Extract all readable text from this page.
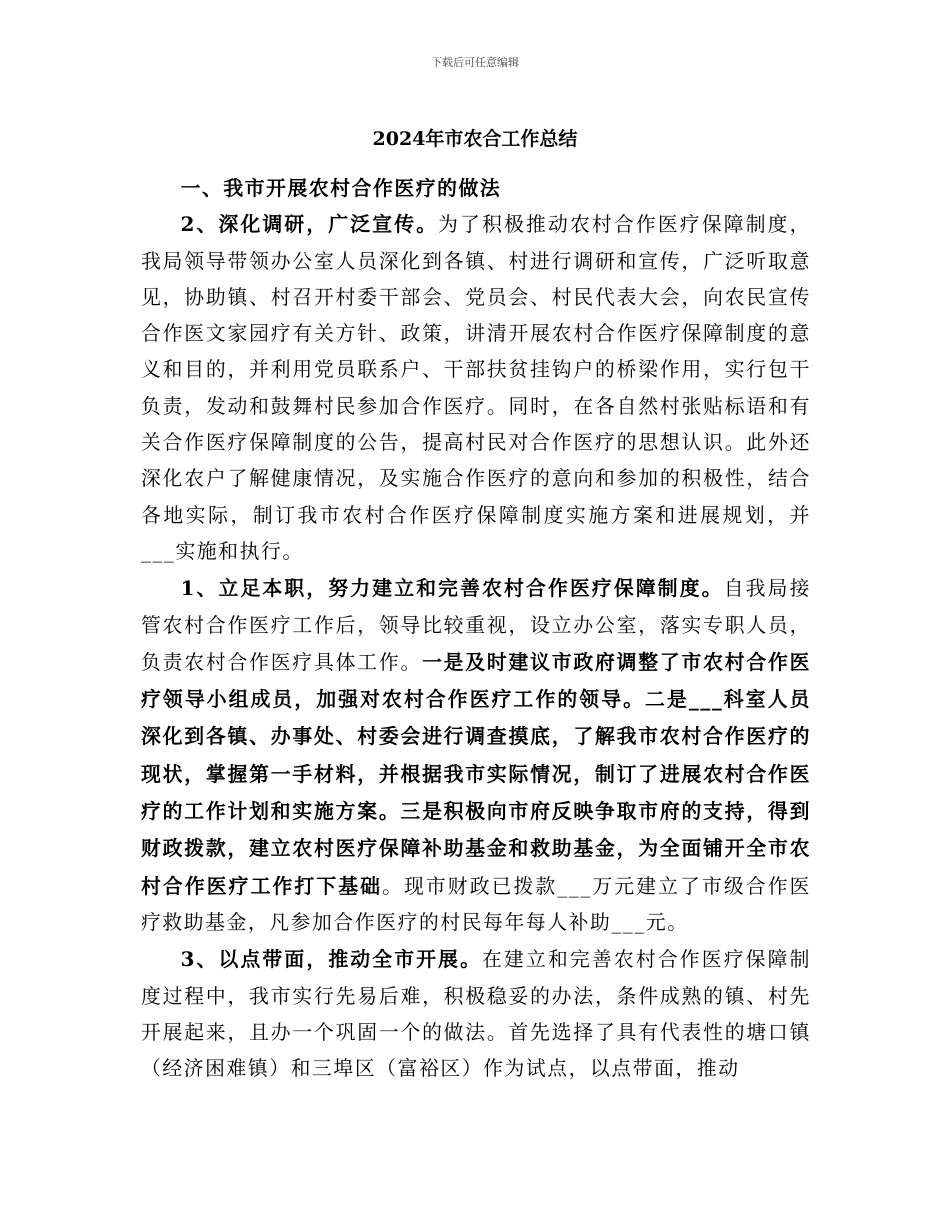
下载后可任意编辑
2024年市农合工作总结

一、我市开展农村合作医疗的做法

2、深化调研，广泛宣传。为了积极推动农村合作医疗保障制度，我局领导带领办公室人员深化到各镇、村进行调研和宣传，广泛听取意见，协助镇、村召开村委干部会、党员会、村民代表大会，向农民宣传合作医文家园疗有关方针、政策，讲清开展农村合作医疗保障制度的意义和目的，并利用党员联系户、干部扶贫挂钩户的桥梁作用，实行包干负责，发动和鼓舞村民参加合作医疗。同时，在各自然村张贴标语和有关合作医疗保障制度的公告，提高村民对合作医疗的思想认识。此外还深化农户了解健康情况，及实施合作医疗的意向和参加的积极性，结合各地实际，制订我市农村合作医疗保障制度实施方案和进展规划，并___实施和执行。

1、立足本职，努力建立和完善农村合作医疗保障制度。自我局接管农村合作医疗工作后，领导比较重视，设立办公室，落实专职人员，负责农村合作医疗具体工作。一是及时建议市政府调整了市农村合作医疗领导小组成员，加强对农村合作医疗工作的领导。二是___科室人员深化到各镇、办事处、村委会进行调查摸底，了解我市农村合作医疗的现状，掌握第一手材料，并根据我市实际情况，制订了进展农村合作医疗的工作计划和实施方案。三是积极向市府反映争取市府的支持，得到财政拨款，建立农村医疗保障补助基金和救助基金，为全面铺开全市农村合作医疗工作打下基础。现市财政已拨款___万元建立了市级合作医疗救助基金，凡参加合作医疗的村民每年每人补助___元。

3、以点带面，推动全市开展。在建立和完善农村合作医疗保障制度过程中，我市实行先易后难，积极稳妥的办法，条件成熟的镇、村先开展起来，且办一个巩固一个的做法。首先选择了具有代表性的塘口镇（经济困难镇）和三埠区（富裕区）作为试点，以点带面，推动
